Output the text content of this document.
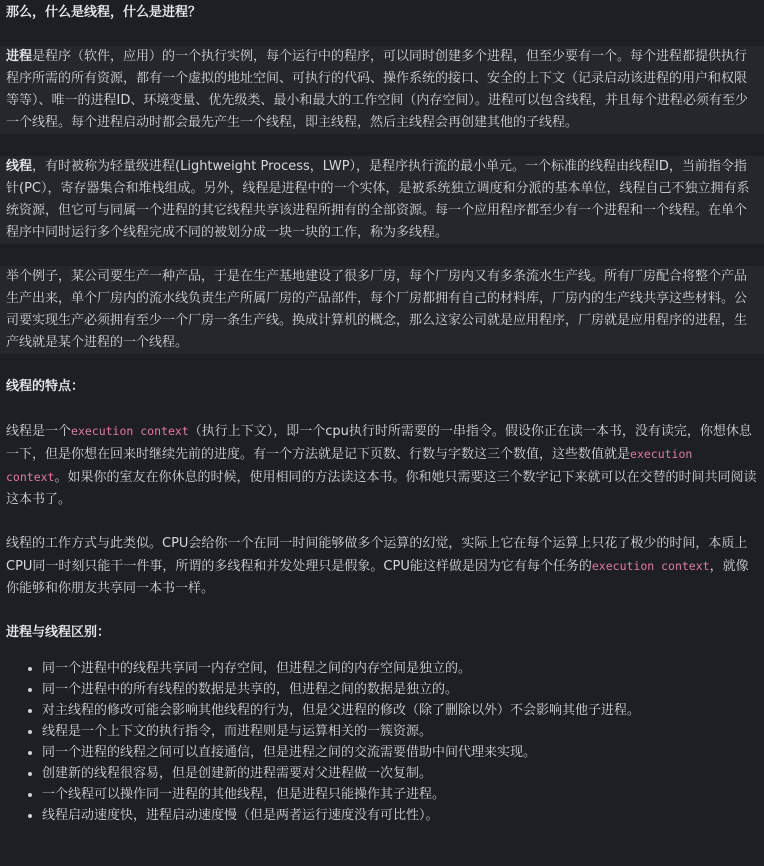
那么，什么是线程，什么是进程？

进程是程序（软件，应用）的一个执行实例，每个运行中的程序，可以同时创建多个进程，但至少要有一个。每个进程都提供执行程序所需的所有资源，都有一个虚拟的地址空间、可执行的代码、操作系统的接口、安全的上下文（记录启动该进程的用户和权限等等）、唯一的进程ID、环境变量、优先级类、最小和最大的工作空间（内存空间）。进程可以包含线程，并且每个进程必须有至少一个线程。每个进程启动时都会最先产生一个线程，即主线程，然后主线程会再创建其他的子线程。

线程，有时被称为轻量级进程(Lightweight Process，LWP），是程序执行流的最小单元。一个标准的线程由线程ID，当前指令指针(PC），寄存器集合和堆栈组成。另外，线程是进程中的一个实体，是被系统独立调度和分派的基本单位，线程自己不独立拥有系统资源，但它可与同属一个进程的其它线程共享该进程所拥有的全部资源。每一个应用程序都至少有一个进程和一个线程。在单个程序中同时运行多个线程完成不同的被划分成一块一块的工作，称为多线程。

举个例子，某公司要生产一种产品，于是在生产基地建设了很多厂房，每个厂房内又有多条流水生产线。所有厂房配合将整个产品生产出来，单个厂房内的流水线负责生产所属厂房的产品部件，每个厂房都拥有自己的材料库，厂房内的生产线共享这些材料。公司要实现生产必须拥有至少一个厂房一条生产线。换成计算机的概念，那么这家公司就是应用程序，厂房就是应用程序的进程，生产线就是某个进程的一个线程。

线程的特点：

线程是一个execution context（执行上下文），即一个cpu执行时所需要的一串指令。假设你正在读一本书，没有读完，你想休息一下，但是你想在回来时继续先前的进度。有一个方法就是记下页数、行数与字数这三个数值，这些数值就是execution context。如果你的室友在你休息的时候，使用相同的方法读这本书。你和她只需要这三个数字记下来就可以在交替的时间共同阅读这本书了。

线程的工作方式与此类似。CPU会给你一个在同一时间能够做多个运算的幻觉，实际上它在每个运算上只花了极少的时间，本质上CPU同一时刻只能干一件事，所谓的多线程和并发处理只是假象。CPU能这样做是因为它有每个任务的execution context，就像你能够和你朋友共享同一本书一样。

进程与线程区别：

• 同一个进程中的线程共享同一内存空间，但进程之间的内存空间是独立的。
• 同一个进程中的所有线程的数据是共享的，但进程之间的数据是独立的。
• 对主线程的修改可能会影响其他线程的行为，但是父进程的修改（除了删除以外）不会影响其他子进程。
• 线程是一个上下文的执行指令，而进程则是与运算相关的一簇资源。
• 同一个进程的线程之间可以直接通信，但是进程之间的交流需要借助中间代理来实现。
• 创建新的线程很容易，但是创建新的进程需要对父进程做一次复制。
• 一个线程可以操作同一进程的其他线程，但是进程只能操作其子进程。
• 线程启动速度快，进程启动速度慢（但是两者运行速度没有可比性）。
